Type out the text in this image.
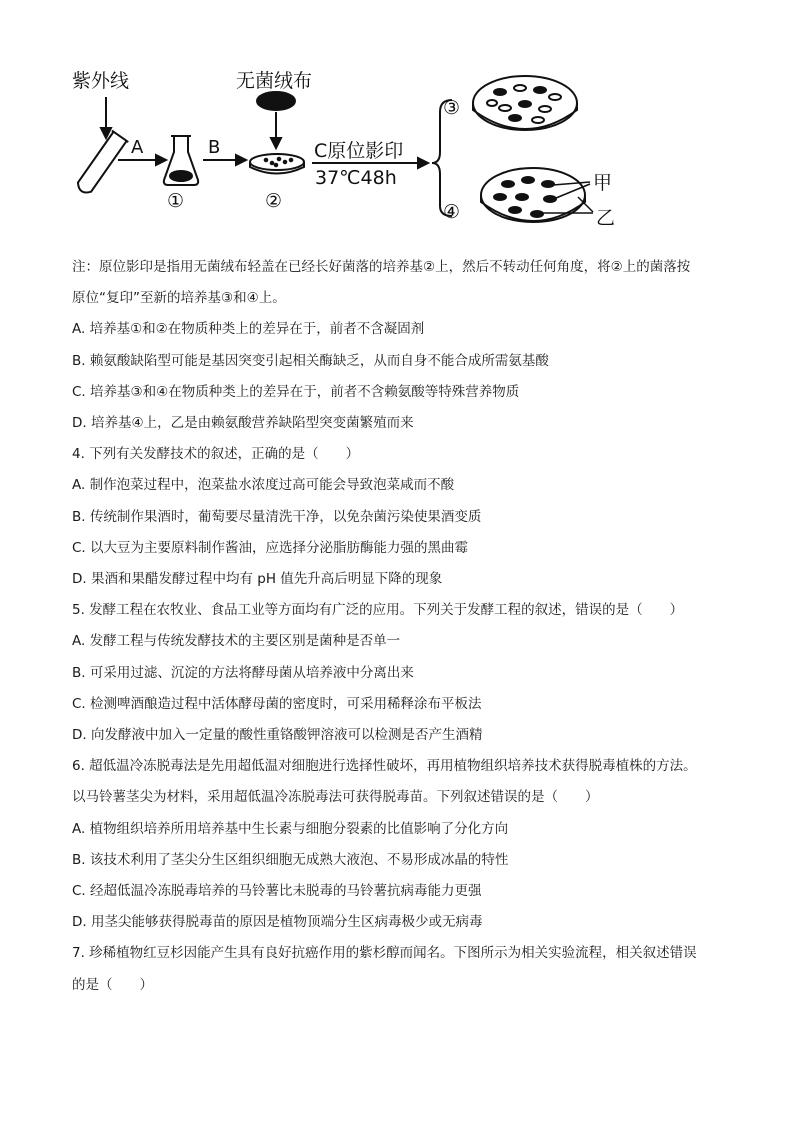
紫外线	无菌绒布
A	B	C原位影印
37℃48h
①	②
③
④
甲
乙
注：原位影印是指用无菌绒布轻盖在已经长好菌落的培养基②上，然后不转动任何角度，将②上的菌落按
原位“复印”至新的培养基③和④上。
A. 培养基①和②在物质种类上的差异在于，前者不含凝固剂
B. 赖氨酸缺陷型可能是基因突变引起相关酶缺乏，从而自身不能合成所需氨基酸
C. 培养基③和④在物质种类上的差异在于，前者不含赖氨酸等特殊营养物质
D. 培养基④上，乙是由赖氨酸营养缺陷型突变菌繁殖而来
4. 下列有关发酵技术的叙述，正确的是（　　）
A. 制作泡菜过程中，泡菜盐水浓度过高可能会导致泡菜咸而不酸
B. 传统制作果酒时，葡萄要尽量清洗干净，以免杂菌污染使果酒变质
C. 以大豆为主要原料制作酱油，应选择分泌脂肪酶能力强的黑曲霉
D. 果酒和果醋发酵过程中均有 pH 值先升高后明显下降的现象
5. 发酵工程在农牧业、食品工业等方面均有广泛的应用。下列关于发酵工程的叙述，错误的是（　　）
A. 发酵工程与传统发酵技术的主要区别是菌种是否单一
B. 可采用过滤、沉淀的方法将酵母菌从培养液中分离出来
C. 检测啤酒酿造过程中活体酵母菌的密度时，可采用稀释涂布平板法
D. 向发酵液中加入一定量的酸性重铬酸钾溶液可以检测是否产生酒精
6. 超低温冷冻脱毒法是先用超低温对细胞进行选择性破坏，再用植物组织培养技术获得脱毒植株的方法。
以马铃薯茎尖为材料，采用超低温冷冻脱毒法可获得脱毒苗。下列叙述错误的是（　　）
A. 植物组织培养所用培养基中生长素与细胞分裂素的比值影响了分化方向
B. 该技术利用了茎尖分生区组织细胞无成熟大液泡、不易形成冰晶的特性
C. 经超低温冷冻脱毒培养的马铃薯比未脱毒的马铃薯抗病毒能力更强
D. 用茎尖能够获得脱毒苗的原因是植物顶端分生区病毒极少或无病毒
7. 珍稀植物红豆杉因能产生具有良好抗癌作用的紫杉醇而闻名。下图所示为相关实验流程，相关叙述错误
的是（　　）
